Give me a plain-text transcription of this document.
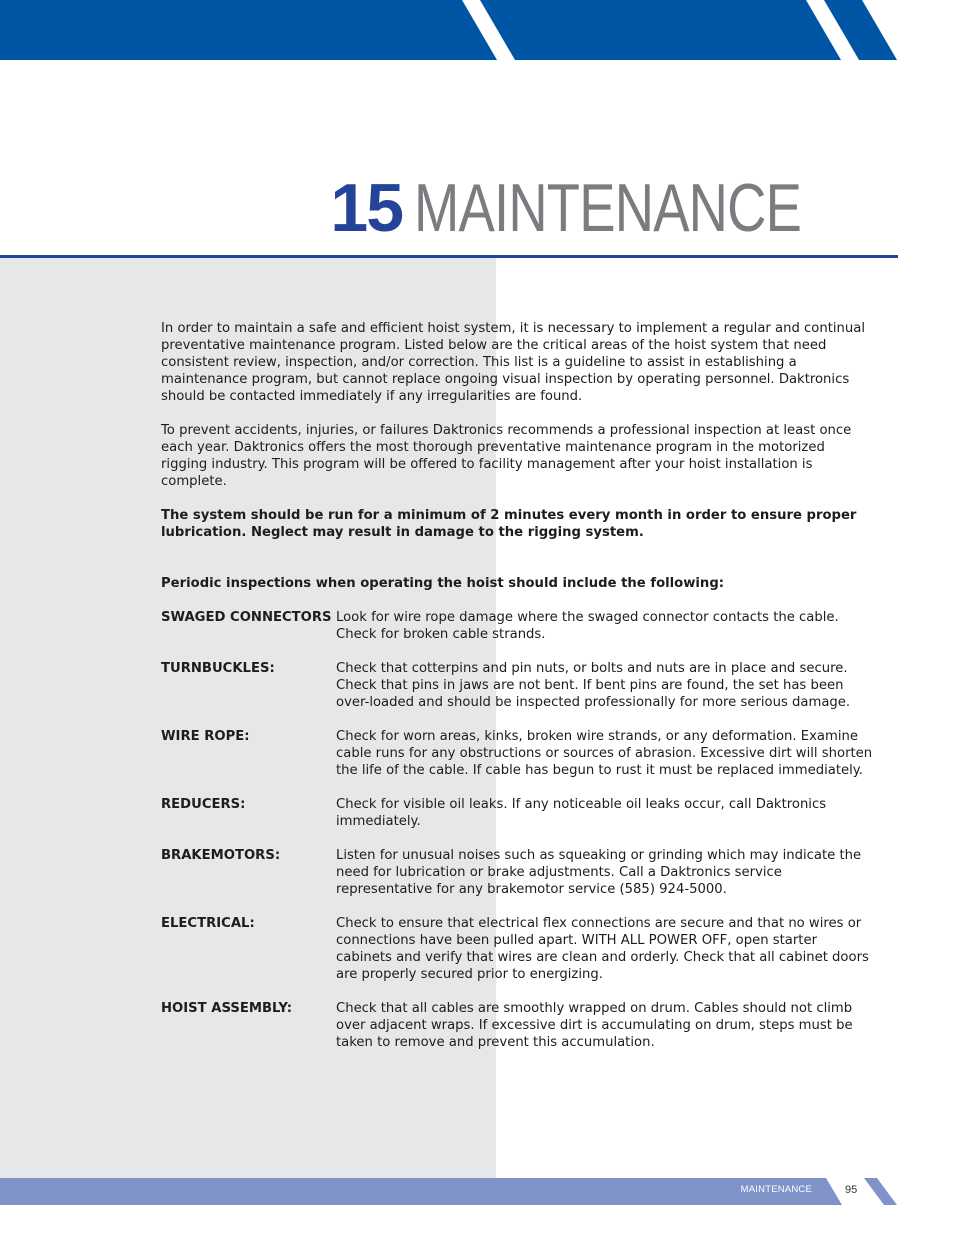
15 MAINTENANCE

In order to maintain a safe and efficient hoist system, it is necessary to implement a regular and continual preventative maintenance program. Listed below are the critical areas of the hoist system that need consistent review, inspection, and/or correction. This list is a guideline to assist in establishing a maintenance program, but cannot replace ongoing visual inspection by operating personnel. Daktronics should be contacted immediately if any irregularities are found.

To prevent accidents, injuries, or failures Daktronics recommends a professional inspection at least once each year. Daktronics offers the most thorough preventative maintenance program in the motorized rigging industry. This program will be offered to facility management after your hoist installation is complete.

The system should be run for a minimum of 2 minutes every month in order to ensure proper lubrication. Neglect may result in damage to the rigging system.

Periodic inspections when operating the hoist should include the following:

SWAGED CONNECTORS Look for wire rope damage where the swaged connector contacts the cable. Check for broken cable strands.
TURNBUCKLES:	Check that cotterpins and pin nuts, or bolts and nuts are in place and secure. Check that pins in jaws are not bent. If bent pins are found, the set has been over-loaded and should be inspected professionally for more serious damage.
WIRE ROPE:	Check for worn areas, kinks, broken wire strands, or any deformation. Examine cable runs for any obstructions or sources of abrasion. Excessive dirt will shorten the life of the cable. If cable has begun to rust it must be replaced immediately.
REDUCERS:	Check for visible oil leaks. If any noticeable oil leaks occur, call Daktronics immediately.
BRAKEMOTORS:	Listen for unusual noises such as squeaking or grinding which may indicate the need for lubrication or brake adjustments. Call a Daktronics service representative for any brakemotor service (585) 924-5000.
ELECTRICAL:	Check to ensure that electrical flex connections are secure and that no wires or connections have been pulled apart. WITH ALL POWER OFF, open starter cabinets and verify that wires are clean and orderly. Check that all cabinet doors are properly secured prior to energizing.
HOIST ASSEMBLY:	Check that all cables are smoothly wrapped on drum. Cables should not climb over adjacent wraps. If excessive dirt is accumulating on drum, steps must be taken to remove and prevent this accumulation.
MAINTENANCE	95
